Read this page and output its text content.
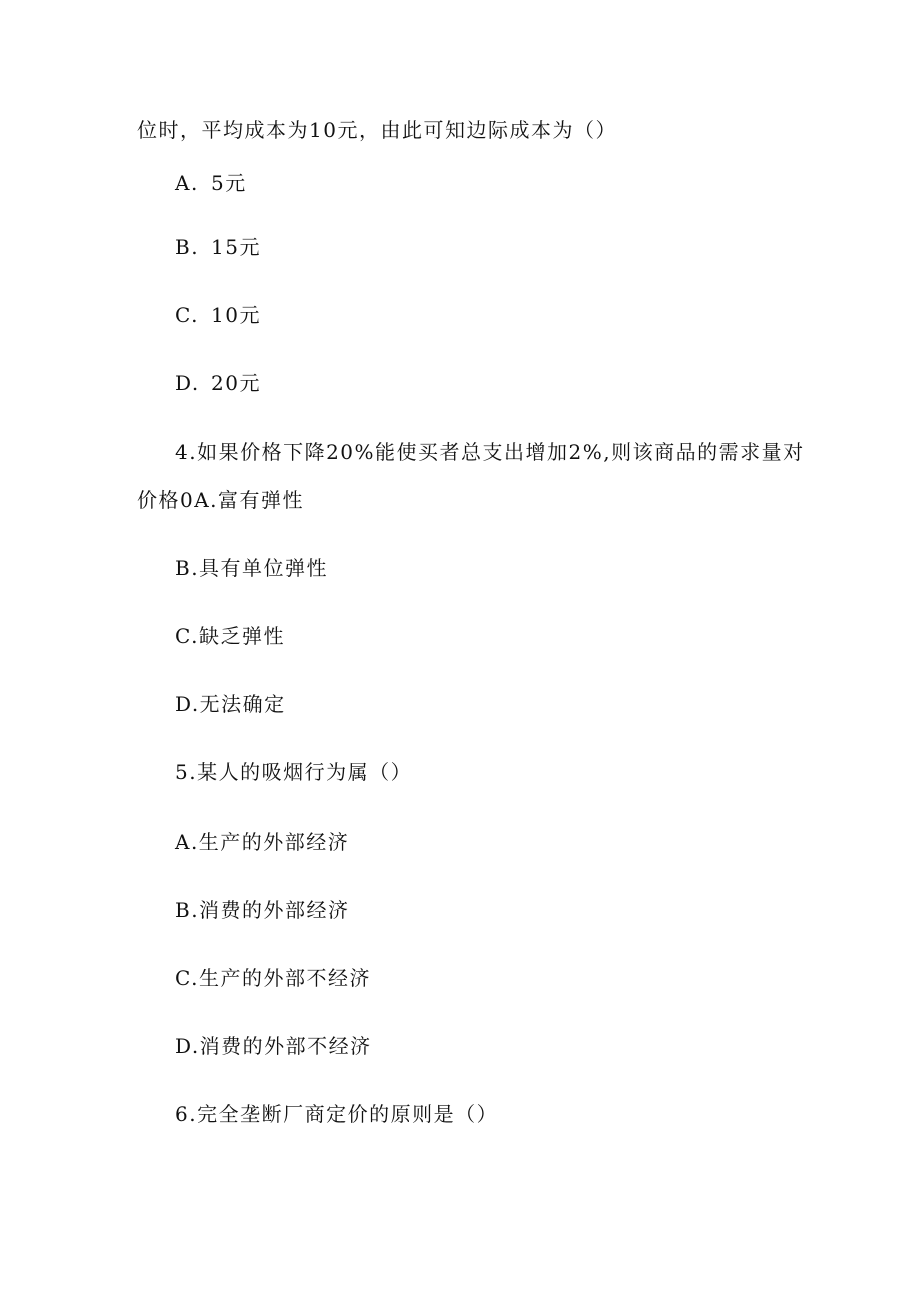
位时，平均成本为10元，由此可知边际成本为（）
A. 5元
B. 15元
C. 10元
D. 20元
4.如果价格下降20%能使买者总支出增加2%,则该商品的需求量对
价格0A.富有弹性
B.具有单位弹性
C.缺乏弹性
D.无法确定
5.某人的吸烟行为属（）
A.生产的外部经济
B.消费的外部经济
C.生产的外部不经济
D.消费的外部不经济
6.完全垄断厂商定价的原则是（）
